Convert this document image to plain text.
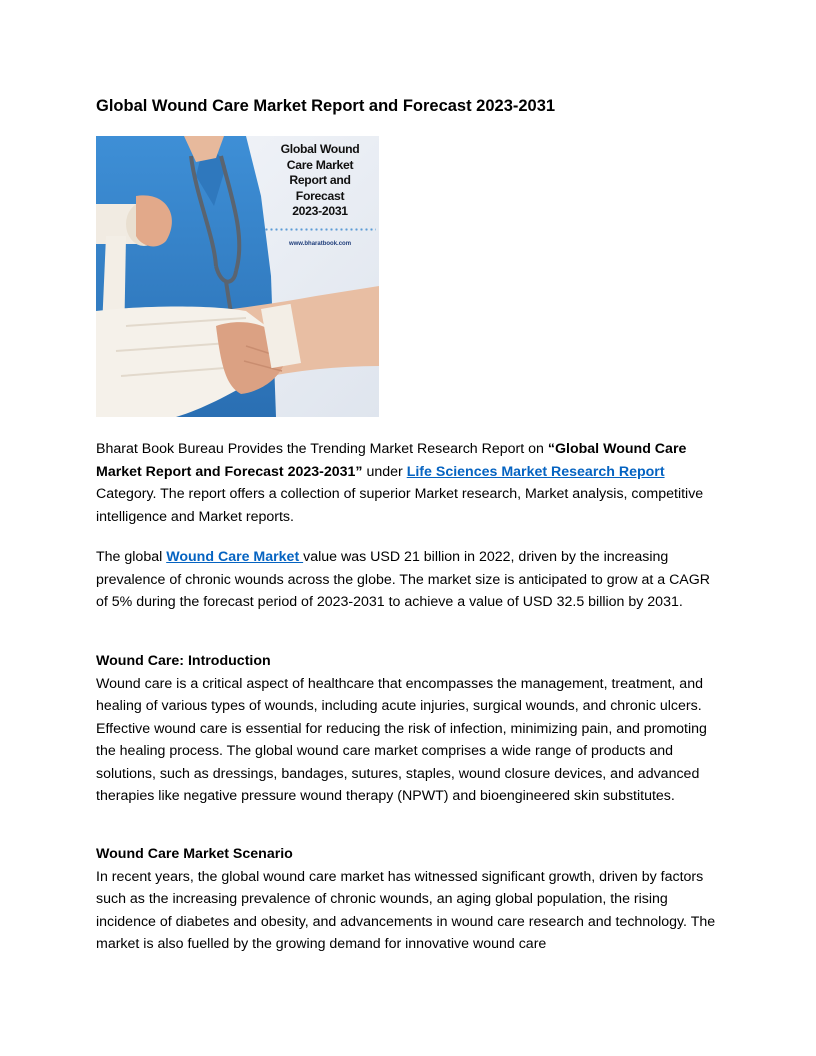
Global Wound Care Market Report and Forecast 2023-2031
Global Wound
Care Market
Report and
Forecast
2023-2031
www.bharatbook.com

Bharat Book Bureau Provides the Trending Market Research Report on “Global Wound Care Market Report and Forecast 2023-2031” under Life Sciences Market Research Report Category. The report offers a collection of superior Market research, Market analysis, competitive intelligence and Market reports.

The global Wound Care Market value was USD 21 billion in 2022, driven by the increasing prevalence of chronic wounds across the globe. The market size is anticipated to grow at a CAGR of 5% during the forecast period of 2023-2031 to achieve a value of USD 32.5 billion by 2031.

Wound Care: Introduction

Wound care is a critical aspect of healthcare that encompasses the management, treatment, and healing of various types of wounds, including acute injuries, surgical wounds, and chronic ulcers. Effective wound care is essential for reducing the risk of infection, minimizing pain, and promoting the healing process. The global wound care market comprises a wide range of products and solutions, such as dressings, bandages, sutures, staples, wound closure devices, and advanced therapies like negative pressure wound therapy (NPWT) and bioengineered skin substitutes.

Wound Care Market Scenario

In recent years, the global wound care market has witnessed significant growth, driven by factors such as the increasing prevalence of chronic wounds, an aging global population, the rising incidence of diabetes and obesity, and advancements in wound care research and technology. The market is also fuelled by the growing demand for innovative wound care
